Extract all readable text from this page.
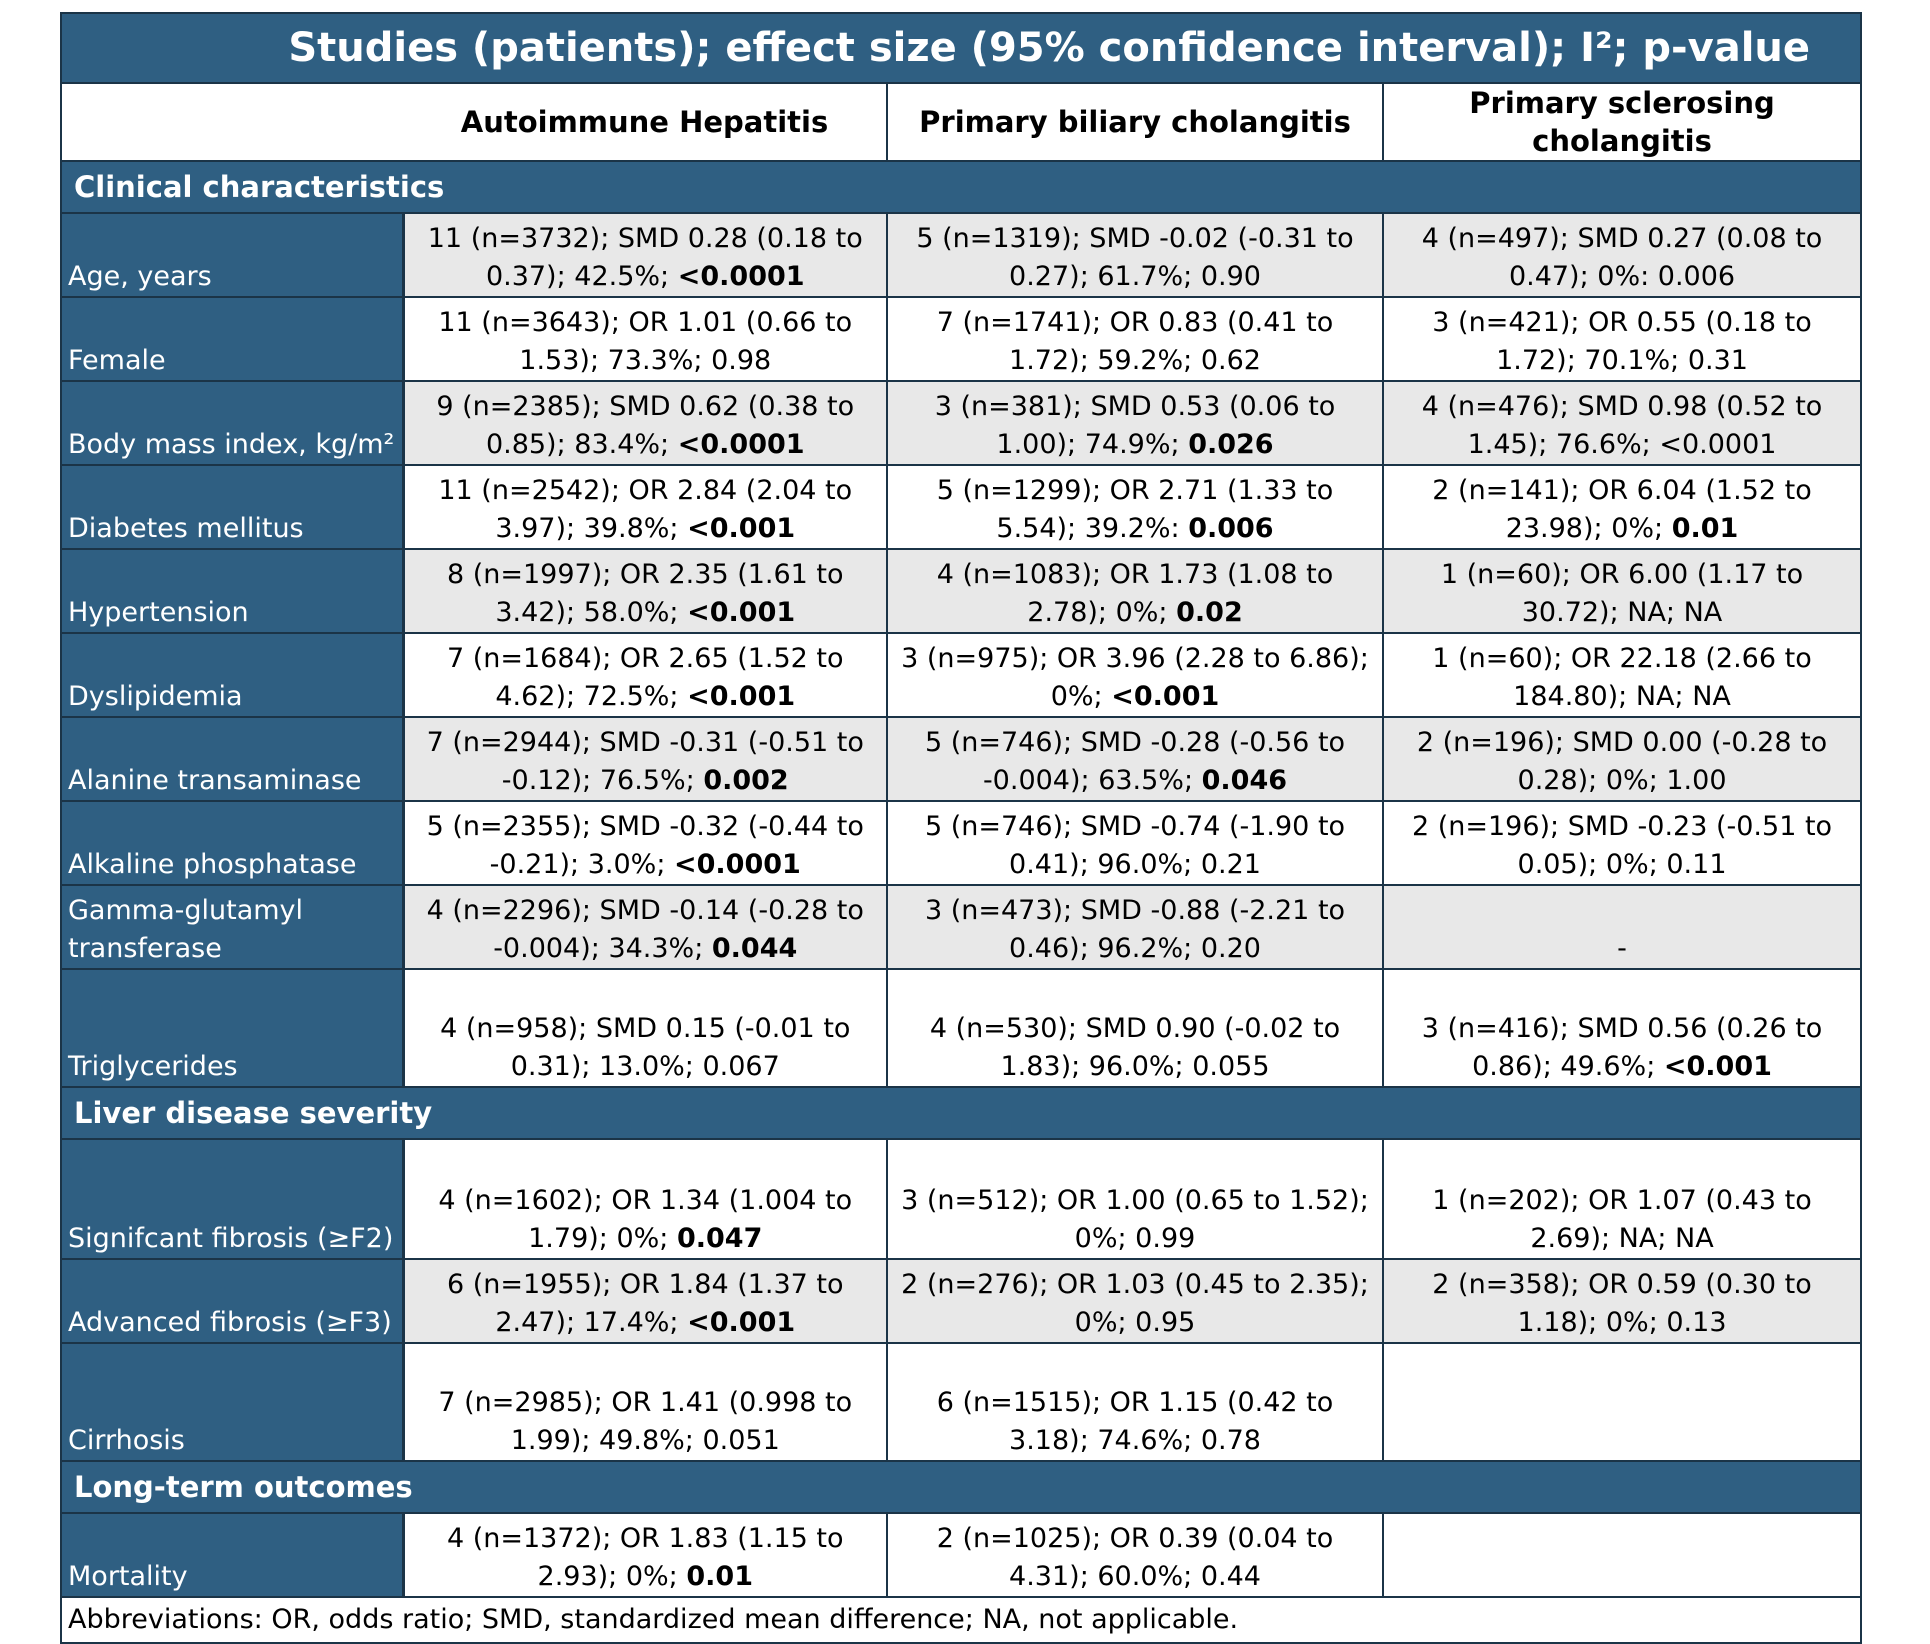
Studies (patients); effect size (95% confidence interval); I²; p-value			
	Autoimmune Hepatitis	Primary biliary cholangitis	Primary sclerosing cholangitis
Clinical characteristics			
Age, years	11 (n=3732); SMD 0.28 (0.18 to 0.37); 42.5%; <0.0001	5 (n=1319); SMD -0.02 (-0.31 to 0.27); 61.7%; 0.90	4 (n=497); SMD 0.27 (0.08 to 0.47); 0%: 0.006
Female	11 (n=3643); OR 1.01 (0.66 to 1.53); 73.3%; 0.98	7 (n=1741); OR 0.83 (0.41 to 1.72); 59.2%; 0.62	3 (n=421); OR 0.55 (0.18 to 1.72); 70.1%; 0.31
Body mass index, kg/m²	9 (n=2385); SMD 0.62 (0.38 to 0.85); 83.4%; <0.0001	3 (n=381); SMD 0.53 (0.06 to 1.00); 74.9%; 0.026	4 (n=476); SMD 0.98 (0.52 to 1.45); 76.6%; <0.0001
Diabetes mellitus	11 (n=2542); OR 2.84 (2.04 to 3.97); 39.8%; <0.001	5 (n=1299); OR 2.71 (1.33 to 5.54); 39.2%: 0.006	2 (n=141); OR 6.04 (1.52 to 23.98); 0%; 0.01
Hypertension	8 (n=1997); OR 2.35 (1.61 to 3.42); 58.0%; <0.001	4 (n=1083); OR 1.73 (1.08 to 2.78); 0%; 0.02	1 (n=60); OR 6.00 (1.17 to 30.72); NA; NA
Dyslipidemia	7 (n=1684); OR 2.65 (1.52 to 4.62); 72.5%; <0.001	3 (n=975); OR 3.96 (2.28 to 6.86); 0%; <0.001	1 (n=60); OR 22.18 (2.66 to 184.80); NA; NA
Alanine transaminase	7 (n=2944); SMD -0.31 (-0.51 to -0.12); 76.5%; 0.002	5 (n=746); SMD -0.28 (-0.56 to -0.004); 63.5%; 0.046	2 (n=196); SMD 0.00 (-0.28 to 0.28); 0%; 1.00
Alkaline phosphatase	5 (n=2355); SMD -0.32 (-0.44 to -0.21); 3.0%; <0.0001	5 (n=746); SMD -0.74 (-1.90 to 0.41); 96.0%; 0.21	2 (n=196); SMD -0.23 (-0.51 to 0.05); 0%; 0.11
Gamma-glutamyl transferase	4 (n=2296); SMD -0.14 (-0.28 to -0.004); 34.3%; 0.044	3 (n=473); SMD -0.88 (-2.21 to 0.46); 96.2%; 0.20	-
Triglycerides	4 (n=958); SMD 0.15 (-0.01 to 0.31); 13.0%; 0.067	4 (n=530); SMD 0.90 (-0.02 to 1.83); 96.0%; 0.055	3 (n=416); SMD 0.56 (0.26 to 0.86); 49.6%; <0.001
Liver disease severity			
Signifcant fibrosis (≥F2)	4 (n=1602); OR 1.34 (1.004 to 1.79); 0%; 0.047	3 (n=512); OR 1.00 (0.65 to 1.52); 0%; 0.99	1 (n=202); OR 1.07 (0.43 to 2.69); NA; NA
Advanced fibrosis (≥F3)	6 (n=1955); OR 1.84 (1.37 to 2.47); 17.4%; <0.001	2 (n=276); OR 1.03 (0.45 to 2.35); 0%; 0.95	2 (n=358); OR 0.59 (0.30 to 1.18); 0%; 0.13
Cirrhosis	7 (n=2985); OR 1.41 (0.998 to 1.99); 49.8%; 0.051	6 (n=1515); OR 1.15 (0.42 to 3.18); 74.6%; 0.78	
Long-term outcomes			
Mortality	4 (n=1372); OR 1.83 (1.15 to 2.93); 0%; 0.01	2 (n=1025); OR 0.39 (0.04 to 4.31); 60.0%; 0.44	
Abbreviations: OR, odds ratio; SMD, standardized mean difference; NA, not applicable.			
